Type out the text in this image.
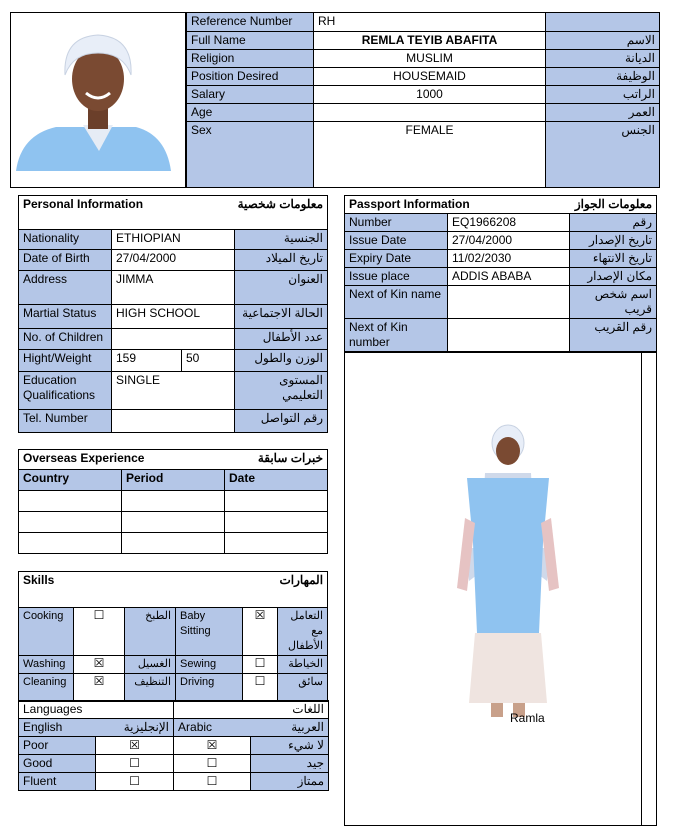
Reference Number	RH	
Full Name	REMLA TEYIB ABAFITA	الاسم
Religion	MUSLIM	الديانة
Position Desired	HOUSEMAID	الوظيفة
Salary	1000	الراتب
Age		العمر
Sex	FEMALE	الجنس
Personal Information		معلومات شخصية	
Nationality	ETHIOPIAN		الجنسية
Date of Birth	27/04/2000		تاريخ الميلاد
Address	JIMMA		العنوان
Martial Status	HIGH SCHOOL		الحالة الاجتماعية
No. of Children			عدد الأطفال
Hight/Weight	159	50	الوزن والطول
Education Qualifications	SINGLE		المستوى التعليمي
Tel. Number			رقم التواصل
Passport Information		معلومات الجواز
Number	EQ1966208	رقم
Issue Date	27/04/2000	تاريخ الإصدار
Expiry Date	11/02/2030	تاريخ الانتهاء
Issue place	ADDIS ABABA	مكان الإصدار
Next of Kin name		اسم شخص قريب
Next of Kin number		رقم القريب
Ramla
Overseas Experience		خبرات سابقة
Country	Period	Date

Skills			المهارات		
Cooking	☐	الطبخ	Baby Sitting	☒	التعامل مع الأطفال
Washing	☒	الغسيل	Sewing	☐	الخياطة
Cleaning	☒	التنظيف	Driving	☐	سائق
Languages		اللغات	
English	الإنجليزية	Arabic	العربية
Poor	☒	☒	لا شيء
Good	☐	☐	جيد
Fluent	☐	☐	ممتاز
